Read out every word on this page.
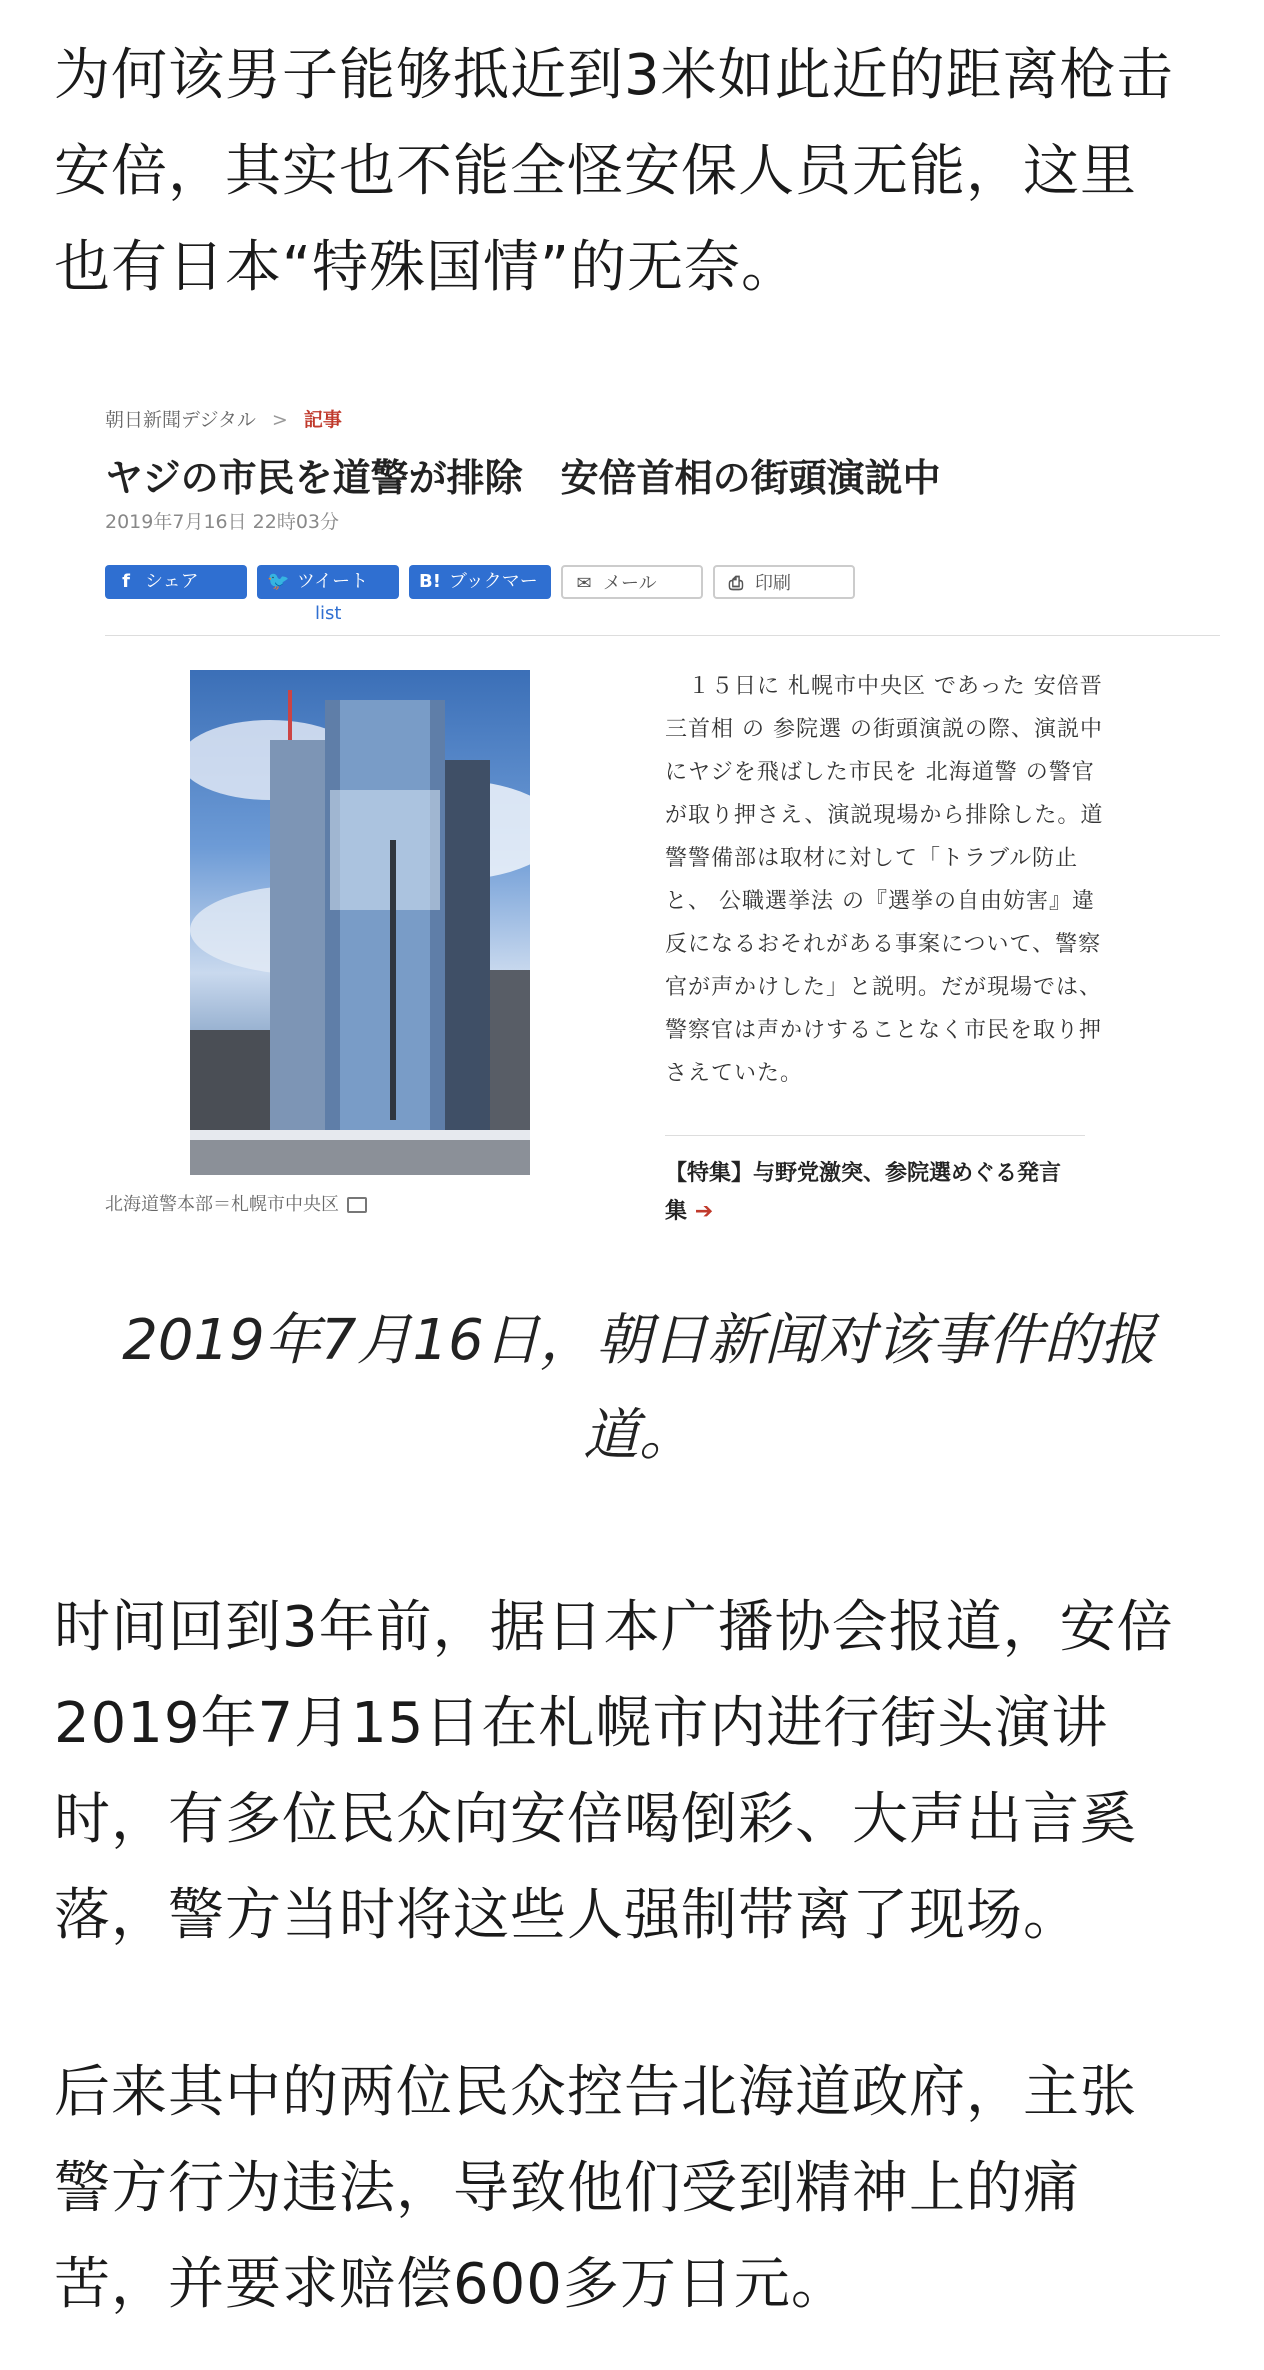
为何该男子能够抵近到3米如此近的距离枪击
安倍，其实也不能全怪安保人员无能，这里
也有日本“特殊国情”的无奈。
朝日新聞デジタル > 記事
ヤジの市民を道警が排除　安倍首相の街頭演説中
2019年7月16日 22時03分
f シェア	🐦 ツイート	B! ブックマー	✉ メール	⎙ 印刷
list
北海道警本部＝札幌市中央区
　１５日に 札幌市中央区 であった 安倍晋
三首相 の 参院選 の街頭演説の際、演説中
にヤジを飛ばした市民を 北海道警 の警官
が取り押さえ、演説現場から排除した。道
警警備部は取材に対して「トラブル防止
と、 公職選挙法 の『選挙の自由妨害』違
反になるおそれがある事案について、警察
官が声かけした」と説明。だが現場では、
警察官は声かけすることなく市民を取り押
さえていた。
【特集】与野党激突、参院選めぐる発言
集 ➔
2019年7月16日，朝日新闻对该事件的报
道。
时间回到3年前，据日本广播协会报道，安倍
2019年7月15日在札幌市内进行街头演讲
时，有多位民众向安倍喝倒彩、大声出言奚
落，警方当时将这些人强制带离了现场。
后来其中的两位民众控告北海道政府，主张
警方行为违法，导致他们受到精神上的痛
苦，并要求赔偿600多万日元。
